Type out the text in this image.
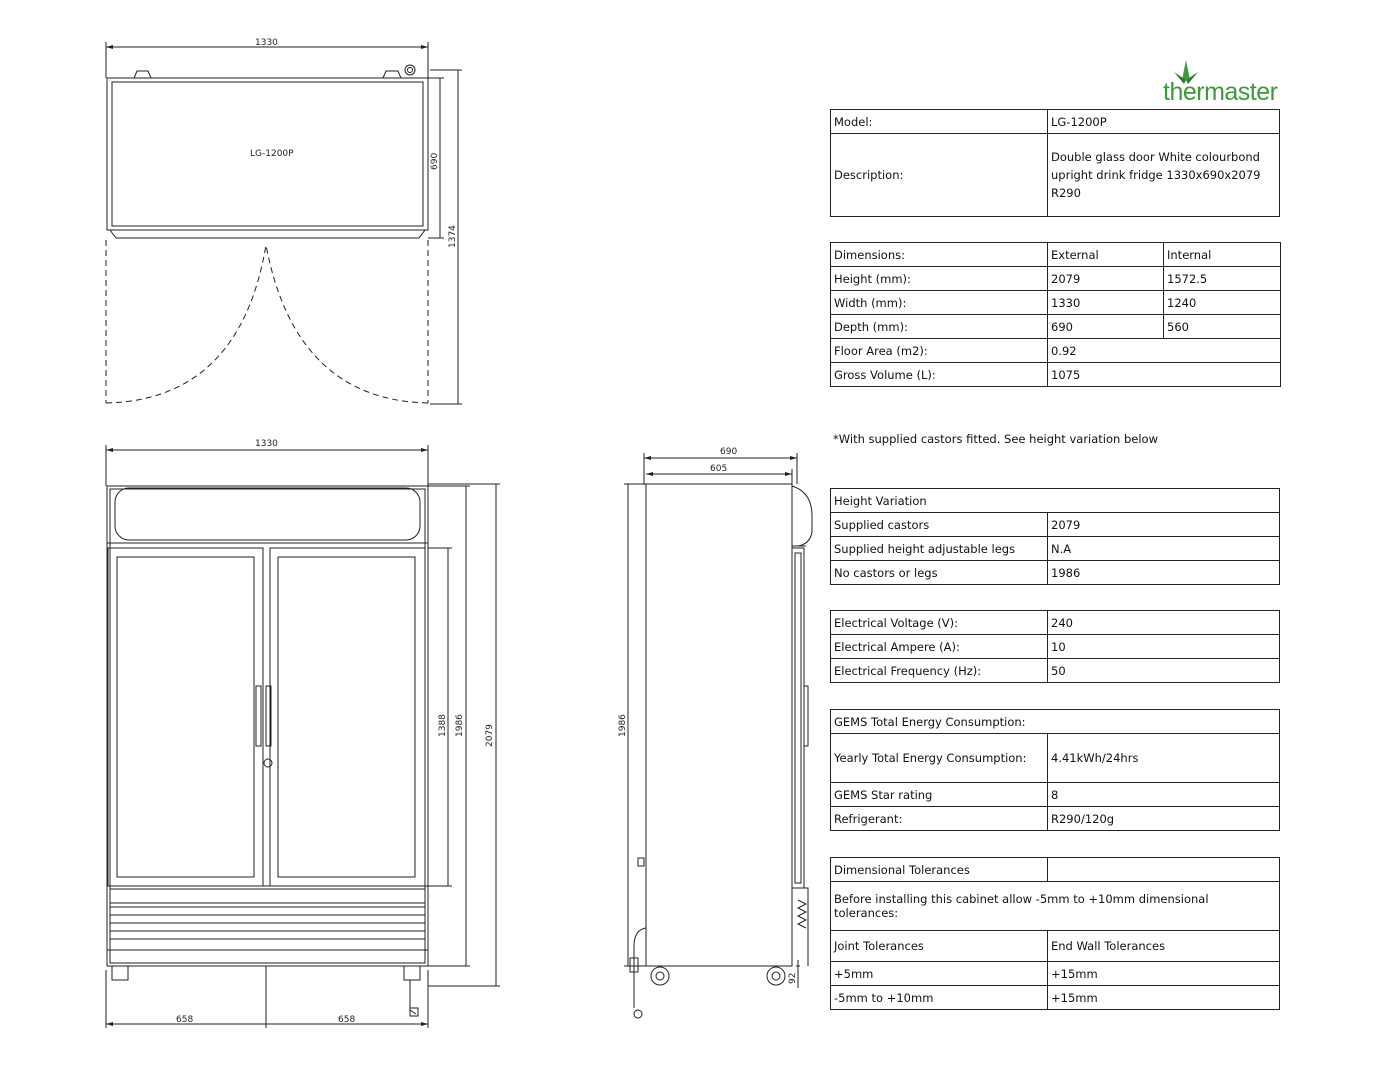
1330
LG-1200P	690
1374
1330
1388 1986 2079
658	658
690
605
1986
92
thermaster
Model:	LG-1200P
Description:	Double glass door White colourbond
upright drink fridge 1330x690x2079
R290
Dimensions:	External	Internal
Height (mm):	2079	1572.5
Width (mm):	1330	1240
Depth (mm):	690	560
Floor Area (m2):	0.92	
Gross Volume (L):	1075	
*With supplied castors fitted. See height variation below
Height Variation	
Supplied castors	2079
Supplied height adjustable legs	N.A
No castors or legs	1986
Electrical Voltage (V):	240
Electrical Ampere (A):	10
Electrical Frequency (Hz):	50
GEMS Total Energy Consumption:	
Yearly Total Energy Consumption:	4.41kWh/24hrs
GEMS Star rating	8
Refrigerant:	R290/120g
Dimensional Tolerances	
Before installing this cabinet allow -5mm to +10mm dimensional tolerances:	
Joint Tolerances	End Wall Tolerances
+5mm	+15mm
-5mm to +10mm	+15mm
